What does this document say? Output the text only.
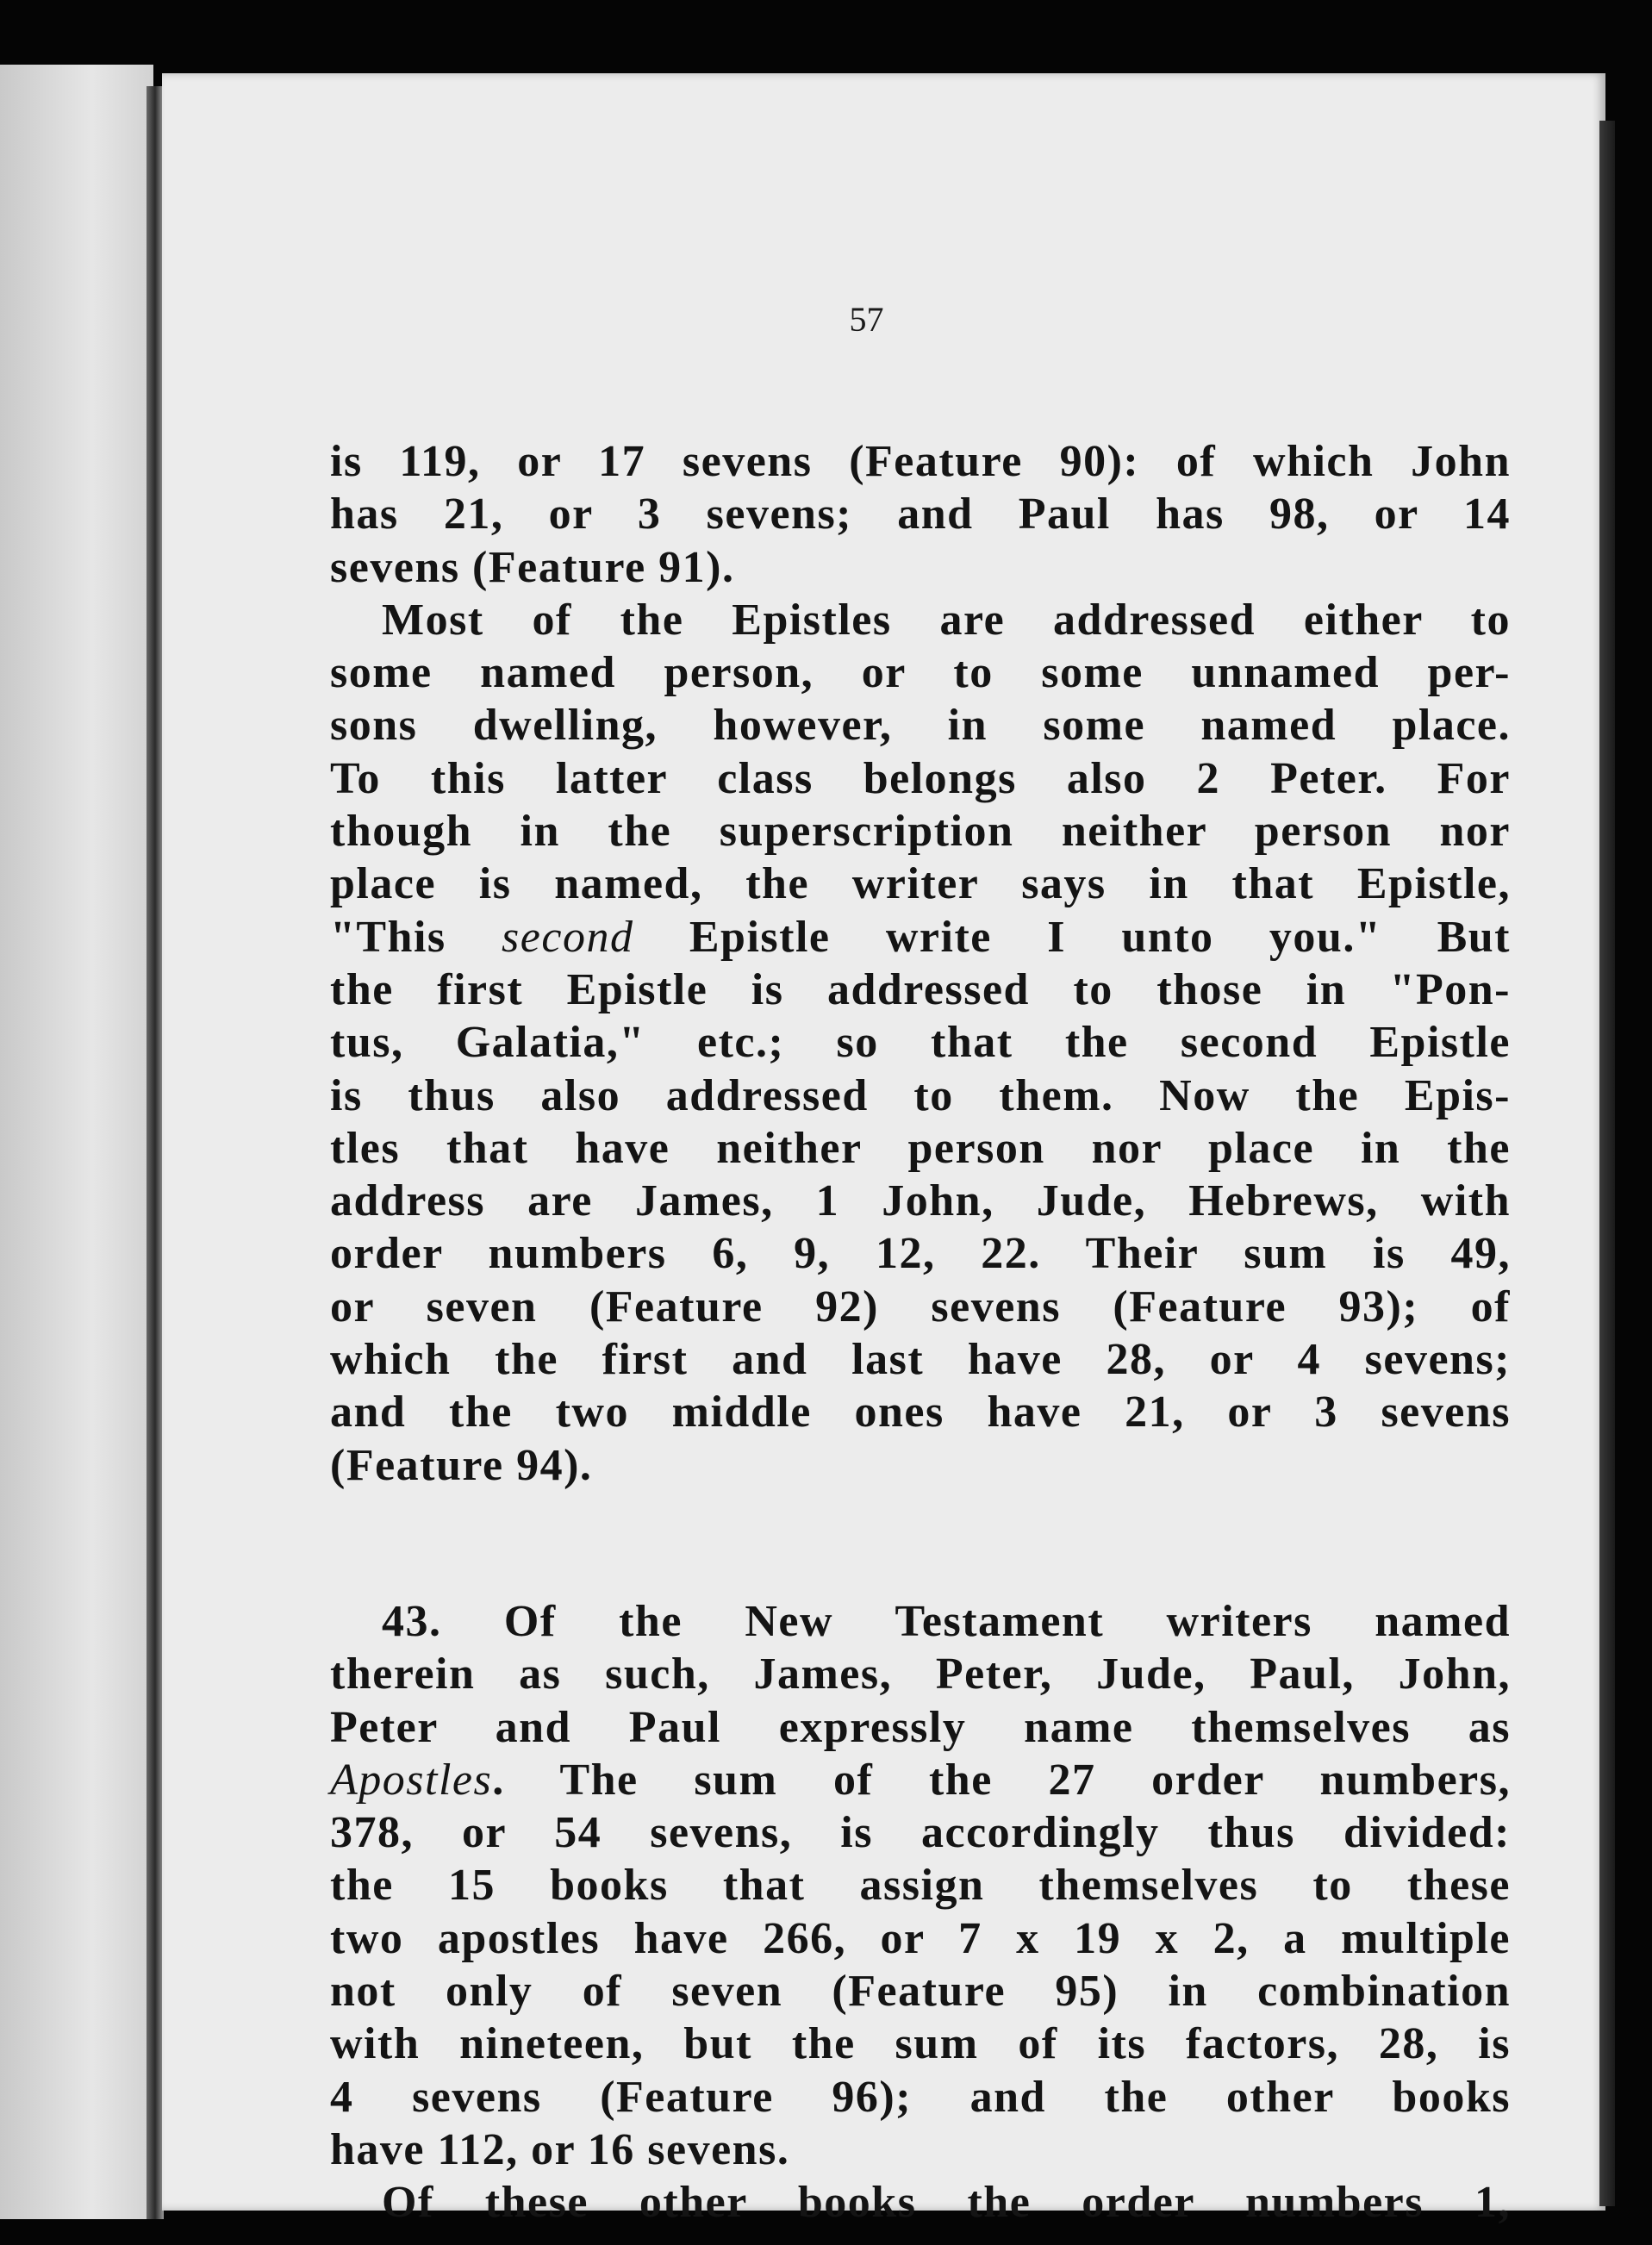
57
is 119, or 17 sevens (Feature 90): of which John
has 21, or 3 sevens; and Paul has 98, or 14
sevens (Feature 91).
Most of the Epistles are addressed either to
some named person, or to some unnamed per-
sons dwelling, however, in some named place.
To this latter class belongs also 2 Peter. For
though in the superscription neither person nor
place is named, the writer says in that Epistle,
"This second Epistle write I unto you." But
the first Epistle is addressed to those in "Pon-
tus, Galatia," etc.; so that the second Epistle
is thus also addressed to them. Now the Epis-
tles that have neither person nor place in the
address are James, 1 John, Jude, Hebrews, with
order numbers 6, 9, 12, 22. Their sum is 49,
or seven (Feature 92) sevens (Feature 93); of
which the first and last have 28, or 4 sevens;
and the two middle ones have 21, or 3 sevens
(Feature 94).
43. Of the New Testament writers named
therein as such, James, Peter, Jude, Paul, John,
Peter and Paul expressly name themselves as
Apostles. The sum of the 27 order numbers,
378, or 54 sevens, is accordingly thus divided:
the 15 books that assign themselves to these
two apostles have 266, or 7 x 19 x 2, a multiple
not only of seven (Feature 95) in combination
with nineteen, but the sum of its factors, 28, is
4 sevens (Feature 96); and the other books
have 112, or 16 sevens.
Of these other books the order numbers 1,
